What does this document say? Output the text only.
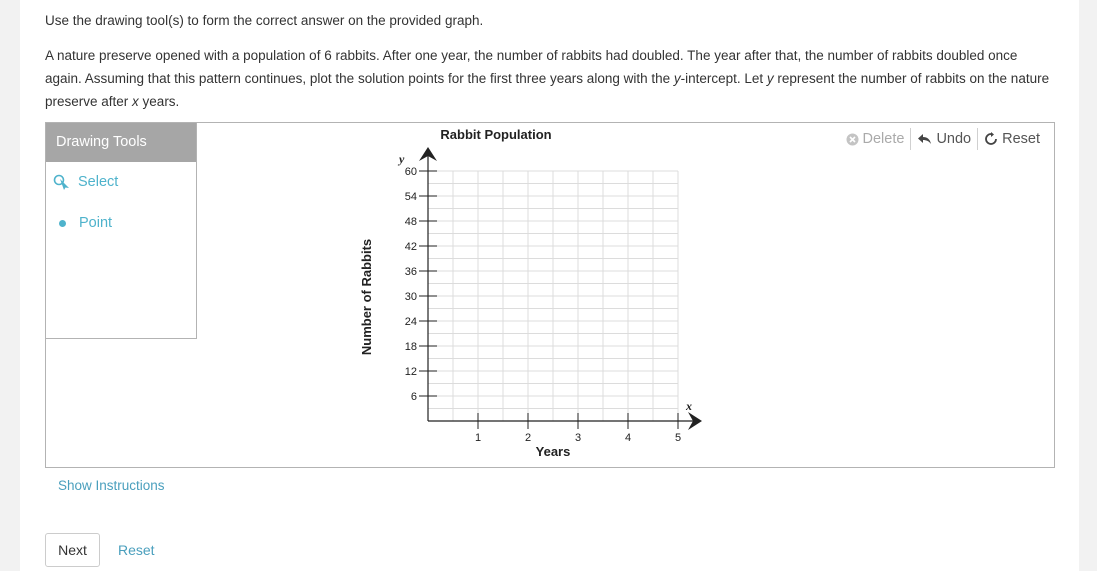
Use the drawing tool(s) to form the correct answer on the provided graph.

A nature preserve opened with a population of 6 rabbits. After one year, the number of rabbits had doubled. The year after that, the number of rabbits doubled once again. Assuming that this pattern continues, plot the solution points for the first three years along with the y-intercept. Let y represent the number of rabbits on the nature preserve after x years.

Drawing Tools
Select
Point
Rabbit Population
1	2	3	4	5
6
12
18
24
30
36
42
48
54
60
y
x
Years
Number of Rabbits
Delete Undo Reset
Show Instructions
Next	Reset
